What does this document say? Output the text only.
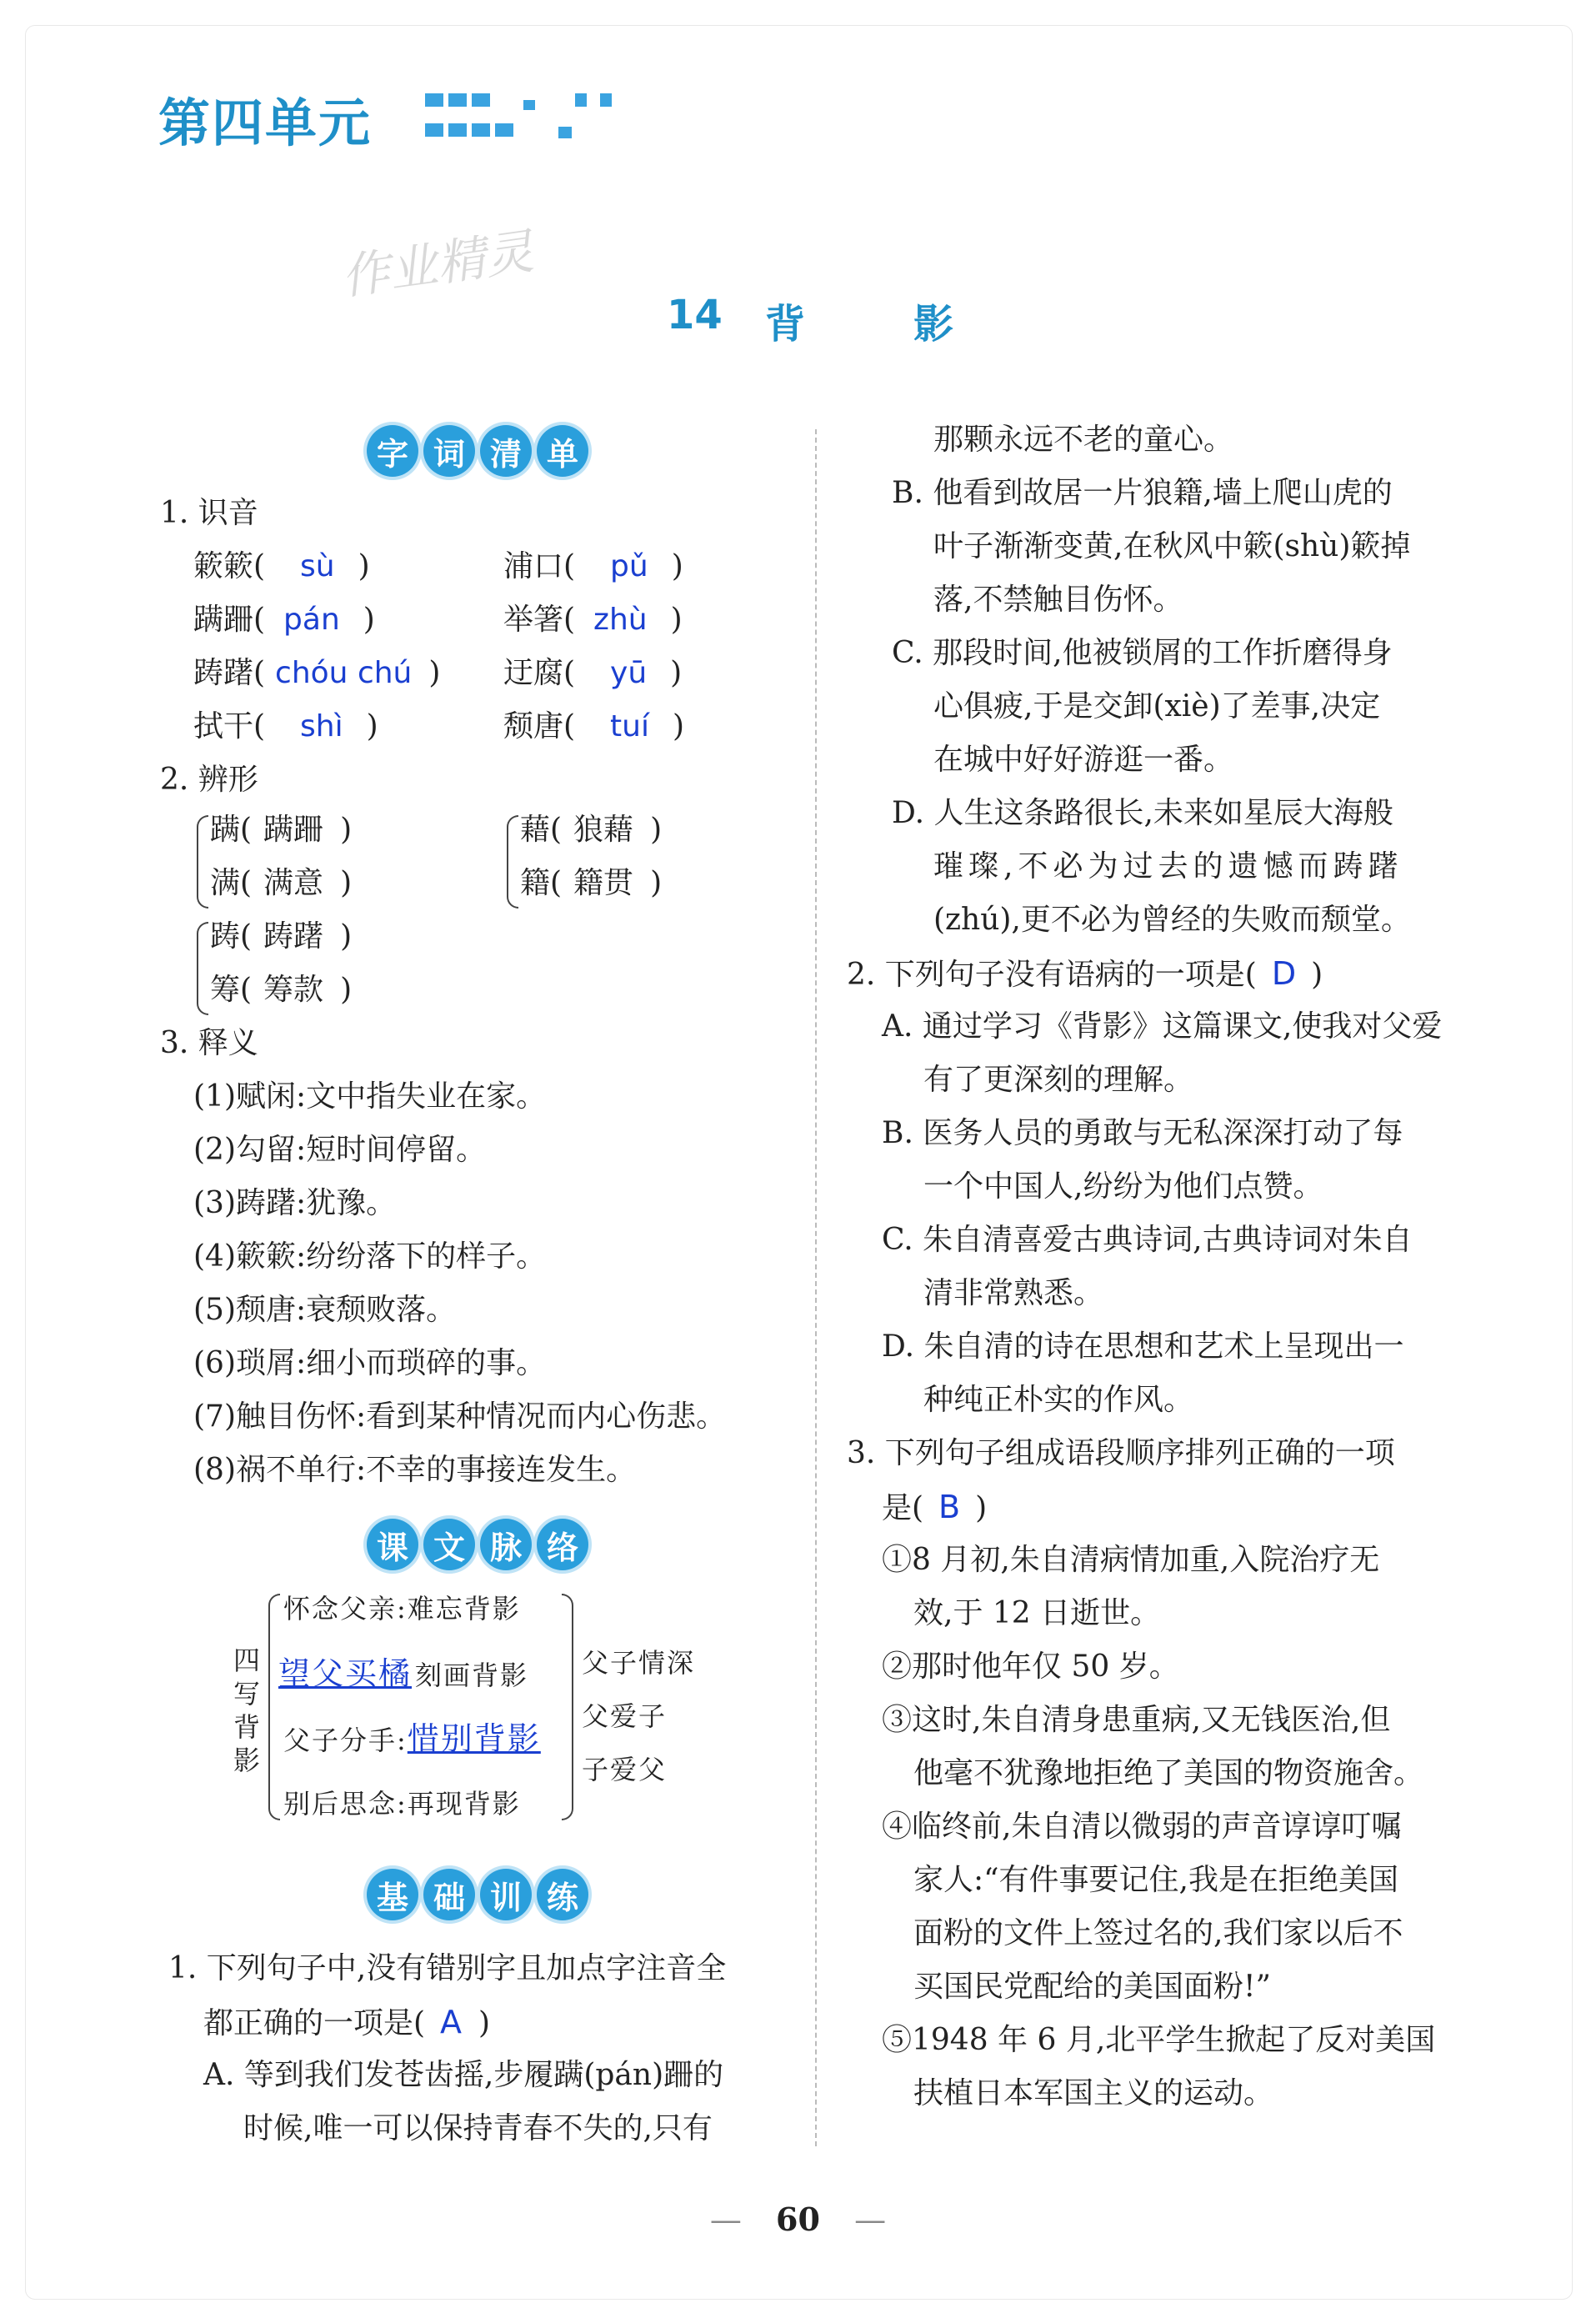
第四单元
作业精灵
14 背	影
字 词 清 单
1. 识音
簌簌( sù )	浦口( pǔ )
蹒跚( pán )	举箸( zhù )
踌躇( chóu chú ) 迂腐( yū )
拭干( shì )	颓唐( tuí )
2. 辨形
蹒( 蹒跚 )
满( 满意 )
藉( 狼藉 )
籍( 籍贯 )
踌( 踌躇 )
筹( 筹款 )
3. 释义
(1)赋闲:文中指失业在家。
(2)勾留:短时间停留。
(3)踌躇:犹豫。
(4)簌簌:纷纷落下的样子。
(5)颓唐:衰颓败落。
(6)琐屑:细小而琐碎的事。
(7)触目伤怀:看到某种情况而内心伤悲。
(8)祸不单行:不幸的事接连发生。
课 文 脉 络
四
写
背
影
怀念父亲:难忘背影
望父买橘 刻画背影
父子分手:惜别背影
别后思念:再现背影
父子情深
父爱子
子爱父
基 础 训 练
1. 下列句子中,没有错别字且加点字注音全
都正确的一项是( A )
A. 等到我们发苍齿摇,步履蹒(pán)跚的
时候,唯一可以保持青春不失的,只有
那颗永远不老的童心。
B. 他看到故居一片狼籍,墙上爬山虎的
叶子渐渐变黄,在秋风中簌(shù)簌掉
落,不禁触目伤怀。
C. 那段时间,他被锁屑的工作折磨得身
心俱疲,于是交卸(xiè)了差事,决定
在城中好好游逛一番。
D. 人生这条路很长,未来如星辰大海般
璀璨,不必为过去的遗憾而踌躇
(zhú),更不必为曾经的失败而颓堂。
2. 下列句子没有语病的一项是( D )
A. 通过学习《背影》这篇课文,使我对父爱
有了更深刻的理解。
B. 医务人员的勇敢与无私深深打动了每
一个中国人,纷纷为他们点赞。
C. 朱自清喜爱古典诗词,古典诗词对朱自
清非常熟悉。
D. 朱自清的诗在思想和艺术上呈现出一
种纯正朴实的作风。
3. 下列句子组成语段顺序排列正确的一项
是( B )
①8 月初,朱自清病情加重,入院治疗无
效,于 12 日逝世。
②那时他年仅 50 岁。
③这时,朱自清身患重病,又无钱医治,但
他毫不犹豫地拒绝了美国的物资施舍。
④临终前,朱自清以微弱的声音谆谆叮嘱
家人:“有件事要记住,我是在拒绝美国
面粉的文件上签过名的,我们家以后不
买国民党配给的美国面粉!”
⑤1948 年 6 月,北平学生掀起了反对美国
扶植日本军国主义的运动。
— 60 —
